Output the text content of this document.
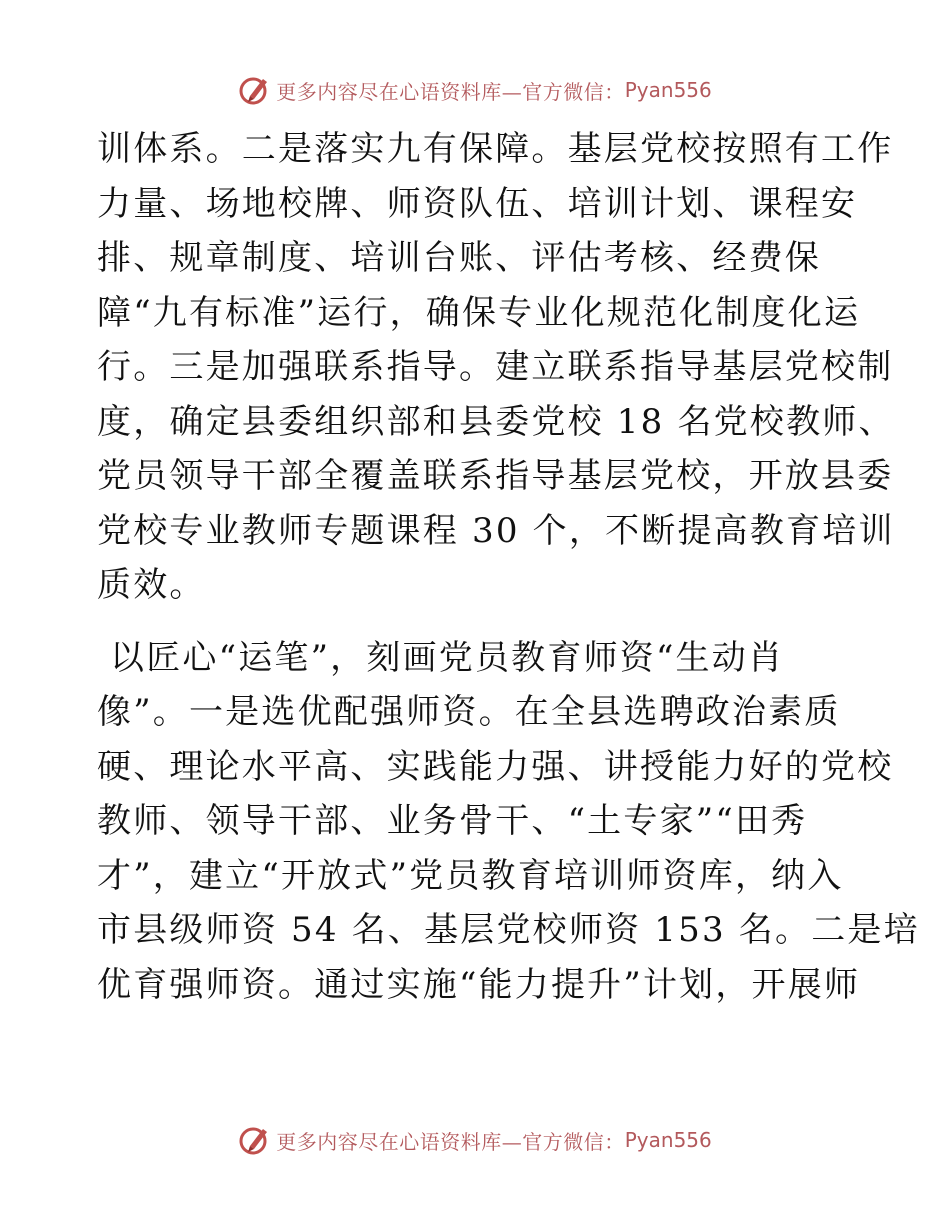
更多内容尽在心语资料库—官方微信： Pyan556
训体系。二是落实九有保障。基层党校按照有工作
力量、场地校牌、师资队伍、培训计划、课程安
排、规章制度、培训台账、评估考核、经费保
障“九有标准”运行，确保专业化规范化制度化运
行。三是加强联系指导。建立联系指导基层党校制
度，确定县委组织部和县委党校 18 名党校教师、
党员领导干部全覆盖联系指导基层党校，开放县委
党校专业教师专题课程 30 个，不断提高教育培训
质效。
以匠心“运笔”，刻画党员教育师资“生动肖
像”。一是选优配强师资。在全县选聘政治素质
硬、理论水平高、实践能力强、讲授能力好的党校
教师、领导干部、业务骨干、“土专家”“田秀
才”，建立“开放式”党员教育培训师资库，纳入
市县级师资 54 名、基层党校师资 153 名。二是培
优育强师资。通过实施“能力提升”计划，开展师
更多内容尽在心语资料库—官方微信： Pyan556
